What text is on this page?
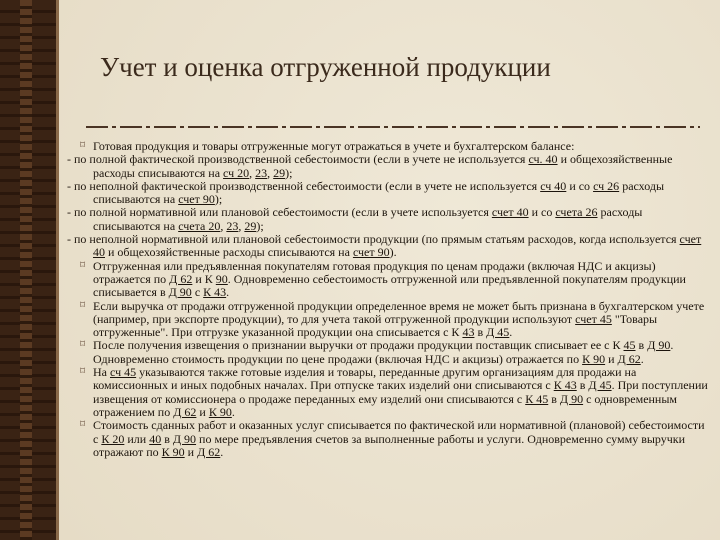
Учет и оценка отгруженной продукции

⌑ Готовая продукция и товары отгруженные могут отражаться в учете и бухгалтерском балансе:

- по полной фактической производственной себестоимости (если в учете не используется сч. 40 и общехозяйственные расходы списываются на сч 20, 23, 29);

- по неполной фактической производственной себестоимости (если в учете не используется сч 40 и со сч 26 расходы списываются на счет 90);

- по полной нормативной или плановой себестоимости (если в учете используется счет 40 и со счета 26 расходы списываются на счета 20, 23, 29);

- по неполной нормативной или плановой себестоимости продукции (по прямым статьям расходов, когда используется счет 40 и общехозяйственные расходы списываются на счет 90).

⌑ Отгруженная или предъявленная покупателям готовая продукция по ценам продажи (включая НДС и акцизы) отражается по Д 62 и К 90. Одновременно себестоимость отгруженной или предъявленной покупателям продукции списывается в Д 90 с К 43.

⌑ Если выручка от продажи отгруженной продукции определенное время не может быть признана в бухгалтерском учете (например, при экспорте продукции), то для учета такой отгруженной продукции используют счет 45 "Товары отгруженные". При отгрузке указанной продукции она списывается с К 43 в Д 45.

⌑ После получения извещения о признании выручки от продажи продукции поставщик списывает ее с К 45 в Д 90. Одновременно стоимость продукции по цене продажи (включая НДС и акцизы) отражается по К 90 и Д 62.

⌑ На сч 45 указываются также готовые изделия и товары, переданные другим организациям для продажи на комиссионных и иных подобных началах. При отпуске таких изделий они списываются с К 43 в Д 45. При поступлении извещения от комиссионера о продаже переданных ему изделий они списываются с К 45 в Д 90 с одновременным отражением по Д 62 и К 90.

⌑ Стоимость сданных работ и оказанных услуг списывается по фактической или нормативной (плановой) себестоимости с К 20 или 40 в Д 90 по мере предъявления счетов за выполненные работы и услуги. Одновременно сумму выручки отражают по К 90 и Д 62.
